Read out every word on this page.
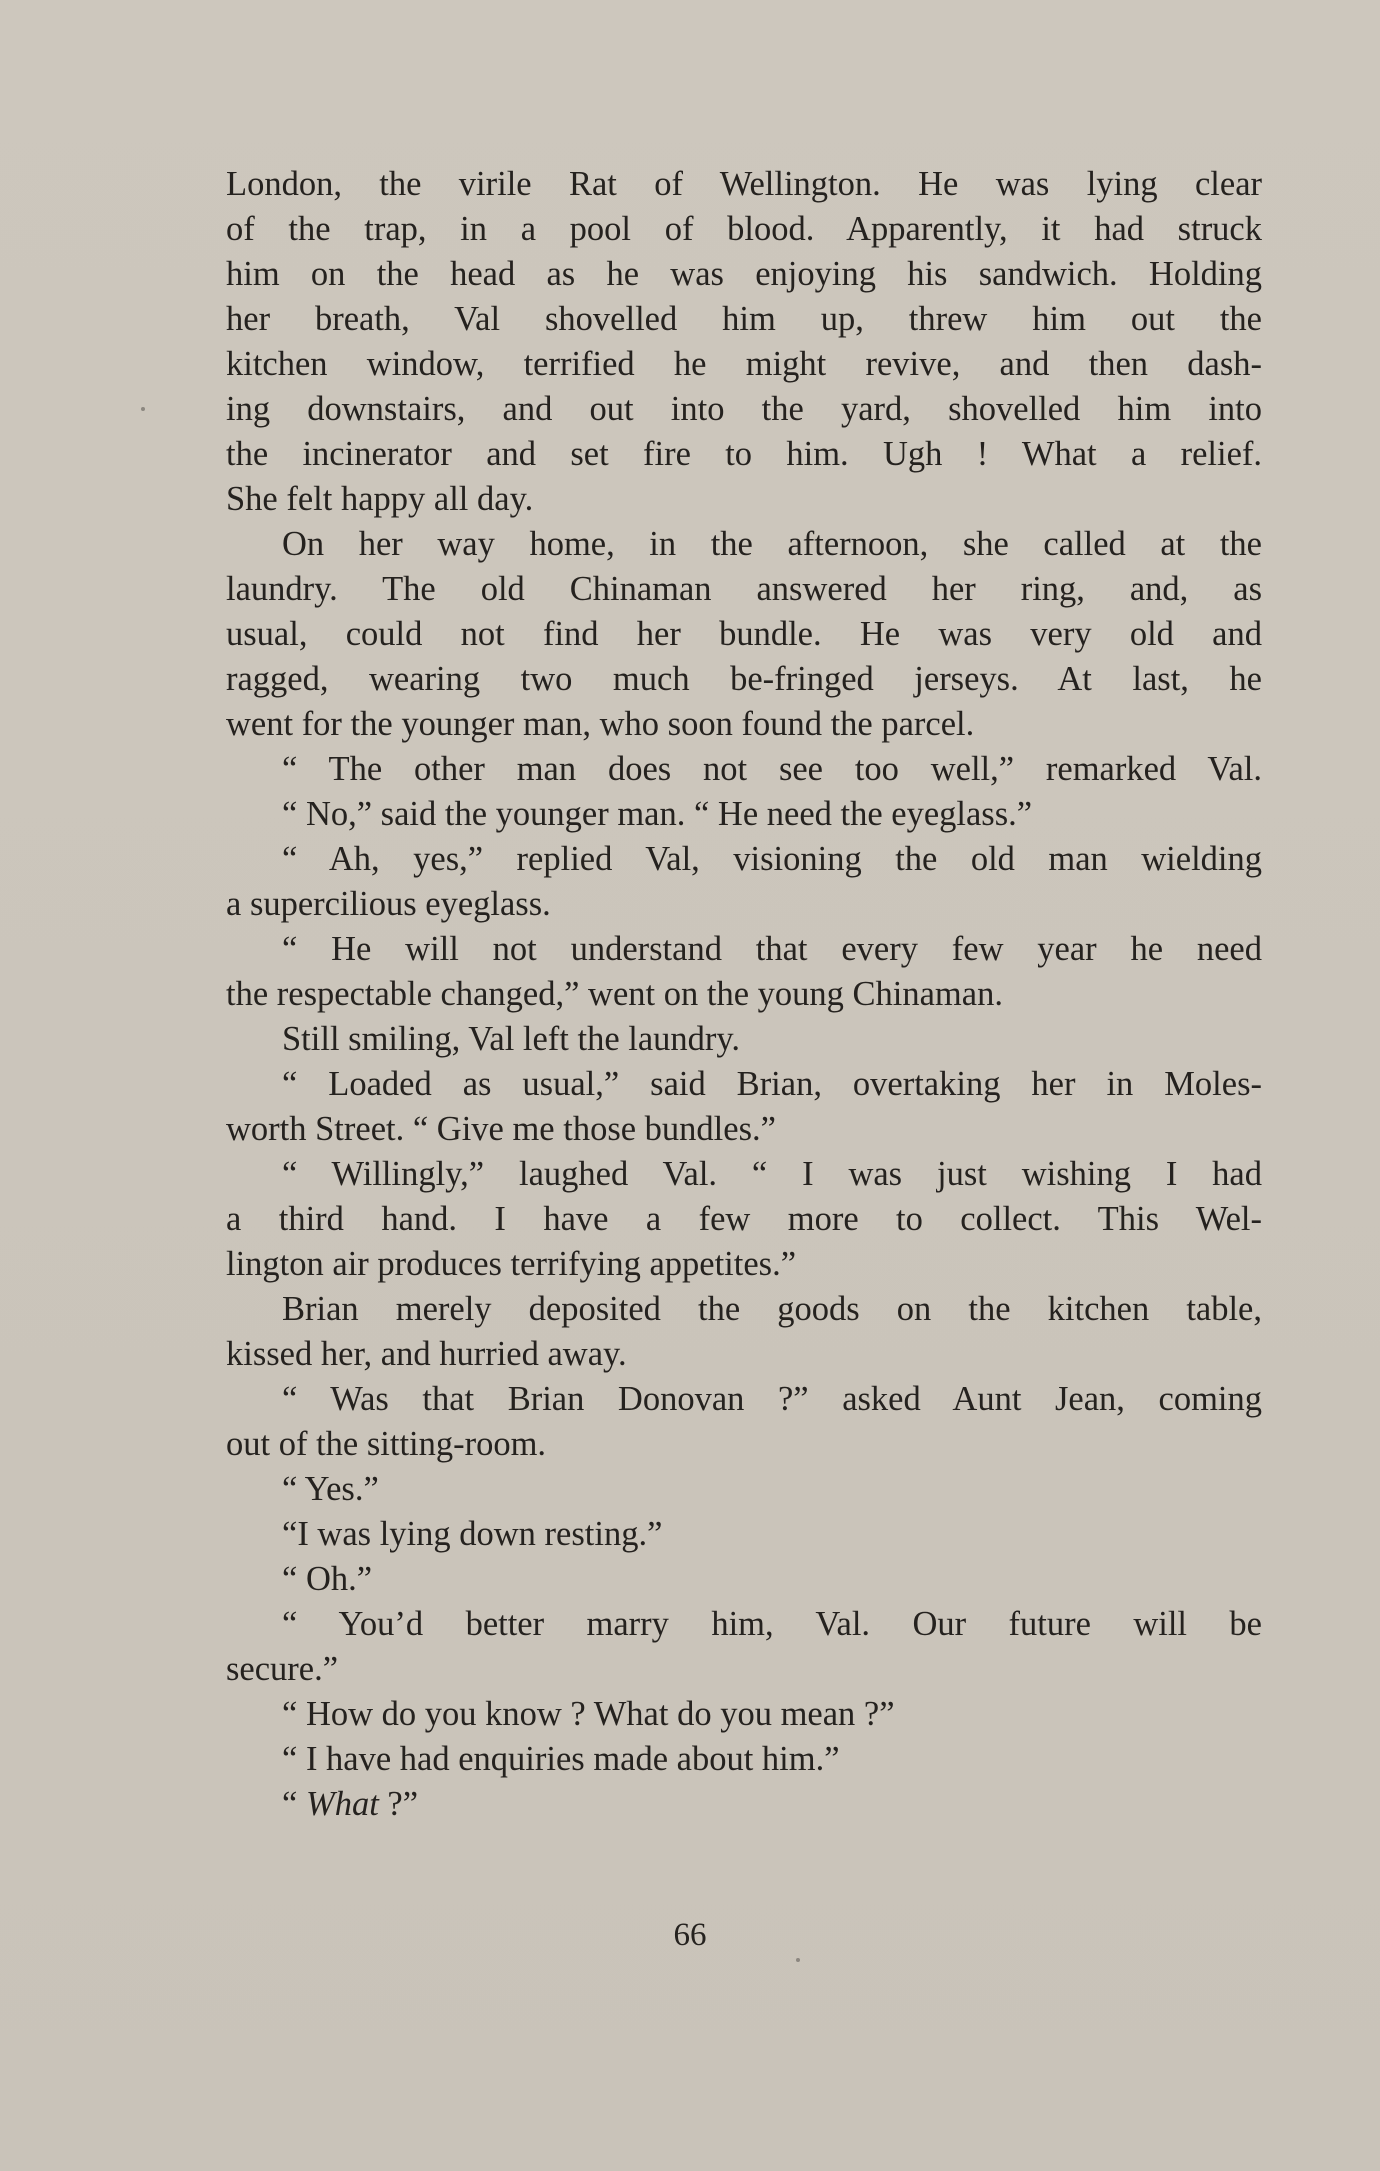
London, the virile Rat of Wellington. He was lying clear
of the trap, in a pool of blood. Apparently, it had struck
him on the head as he was enjoying his sandwich. Holding
her breath, Val shovelled him up, threw him out the
kitchen window, terrified he might revive, and then dash-
ing downstairs, and out into the yard, shovelled him into
the incinerator and set fire to him. Ugh ! What a relief.
She felt happy all day.
On her way home, in the afternoon, she called at the
laundry. The old Chinaman answered her ring, and, as
usual, could not find her bundle. He was very old and
ragged, wearing two much be-fringed jerseys. At last, he
went for the younger man, who soon found the parcel.
“ The other man does not see too well,” remarked Val.
“ No,” said the younger man. “ He need the eyeglass.”
“ Ah, yes,” replied Val, visioning the old man wielding
a supercilious eyeglass.
“ He will not understand that every few year he need
the respectable changed,” went on the young Chinaman.
Still smiling, Val left the laundry.
“ Loaded as usual,” said Brian, overtaking her in Moles-
worth Street. “ Give me those bundles.”
“ Willingly,” laughed Val. “ I was just wishing I had
a third hand. I have a few more to collect. This Wel-
lington air produces terrifying appetites.”
Brian merely deposited the goods on the kitchen table,
kissed her, and hurried away.
“ Was that Brian Donovan ?” asked Aunt Jean, coming
out of the sitting-room.
“ Yes.”
“I was lying down resting.”
“ Oh.”
“ You’d better marry him, Val. Our future will be
secure.”
“ How do you know ? What do you mean ?”
“ I have had enquiries made about him.”
“ What ?”
66
